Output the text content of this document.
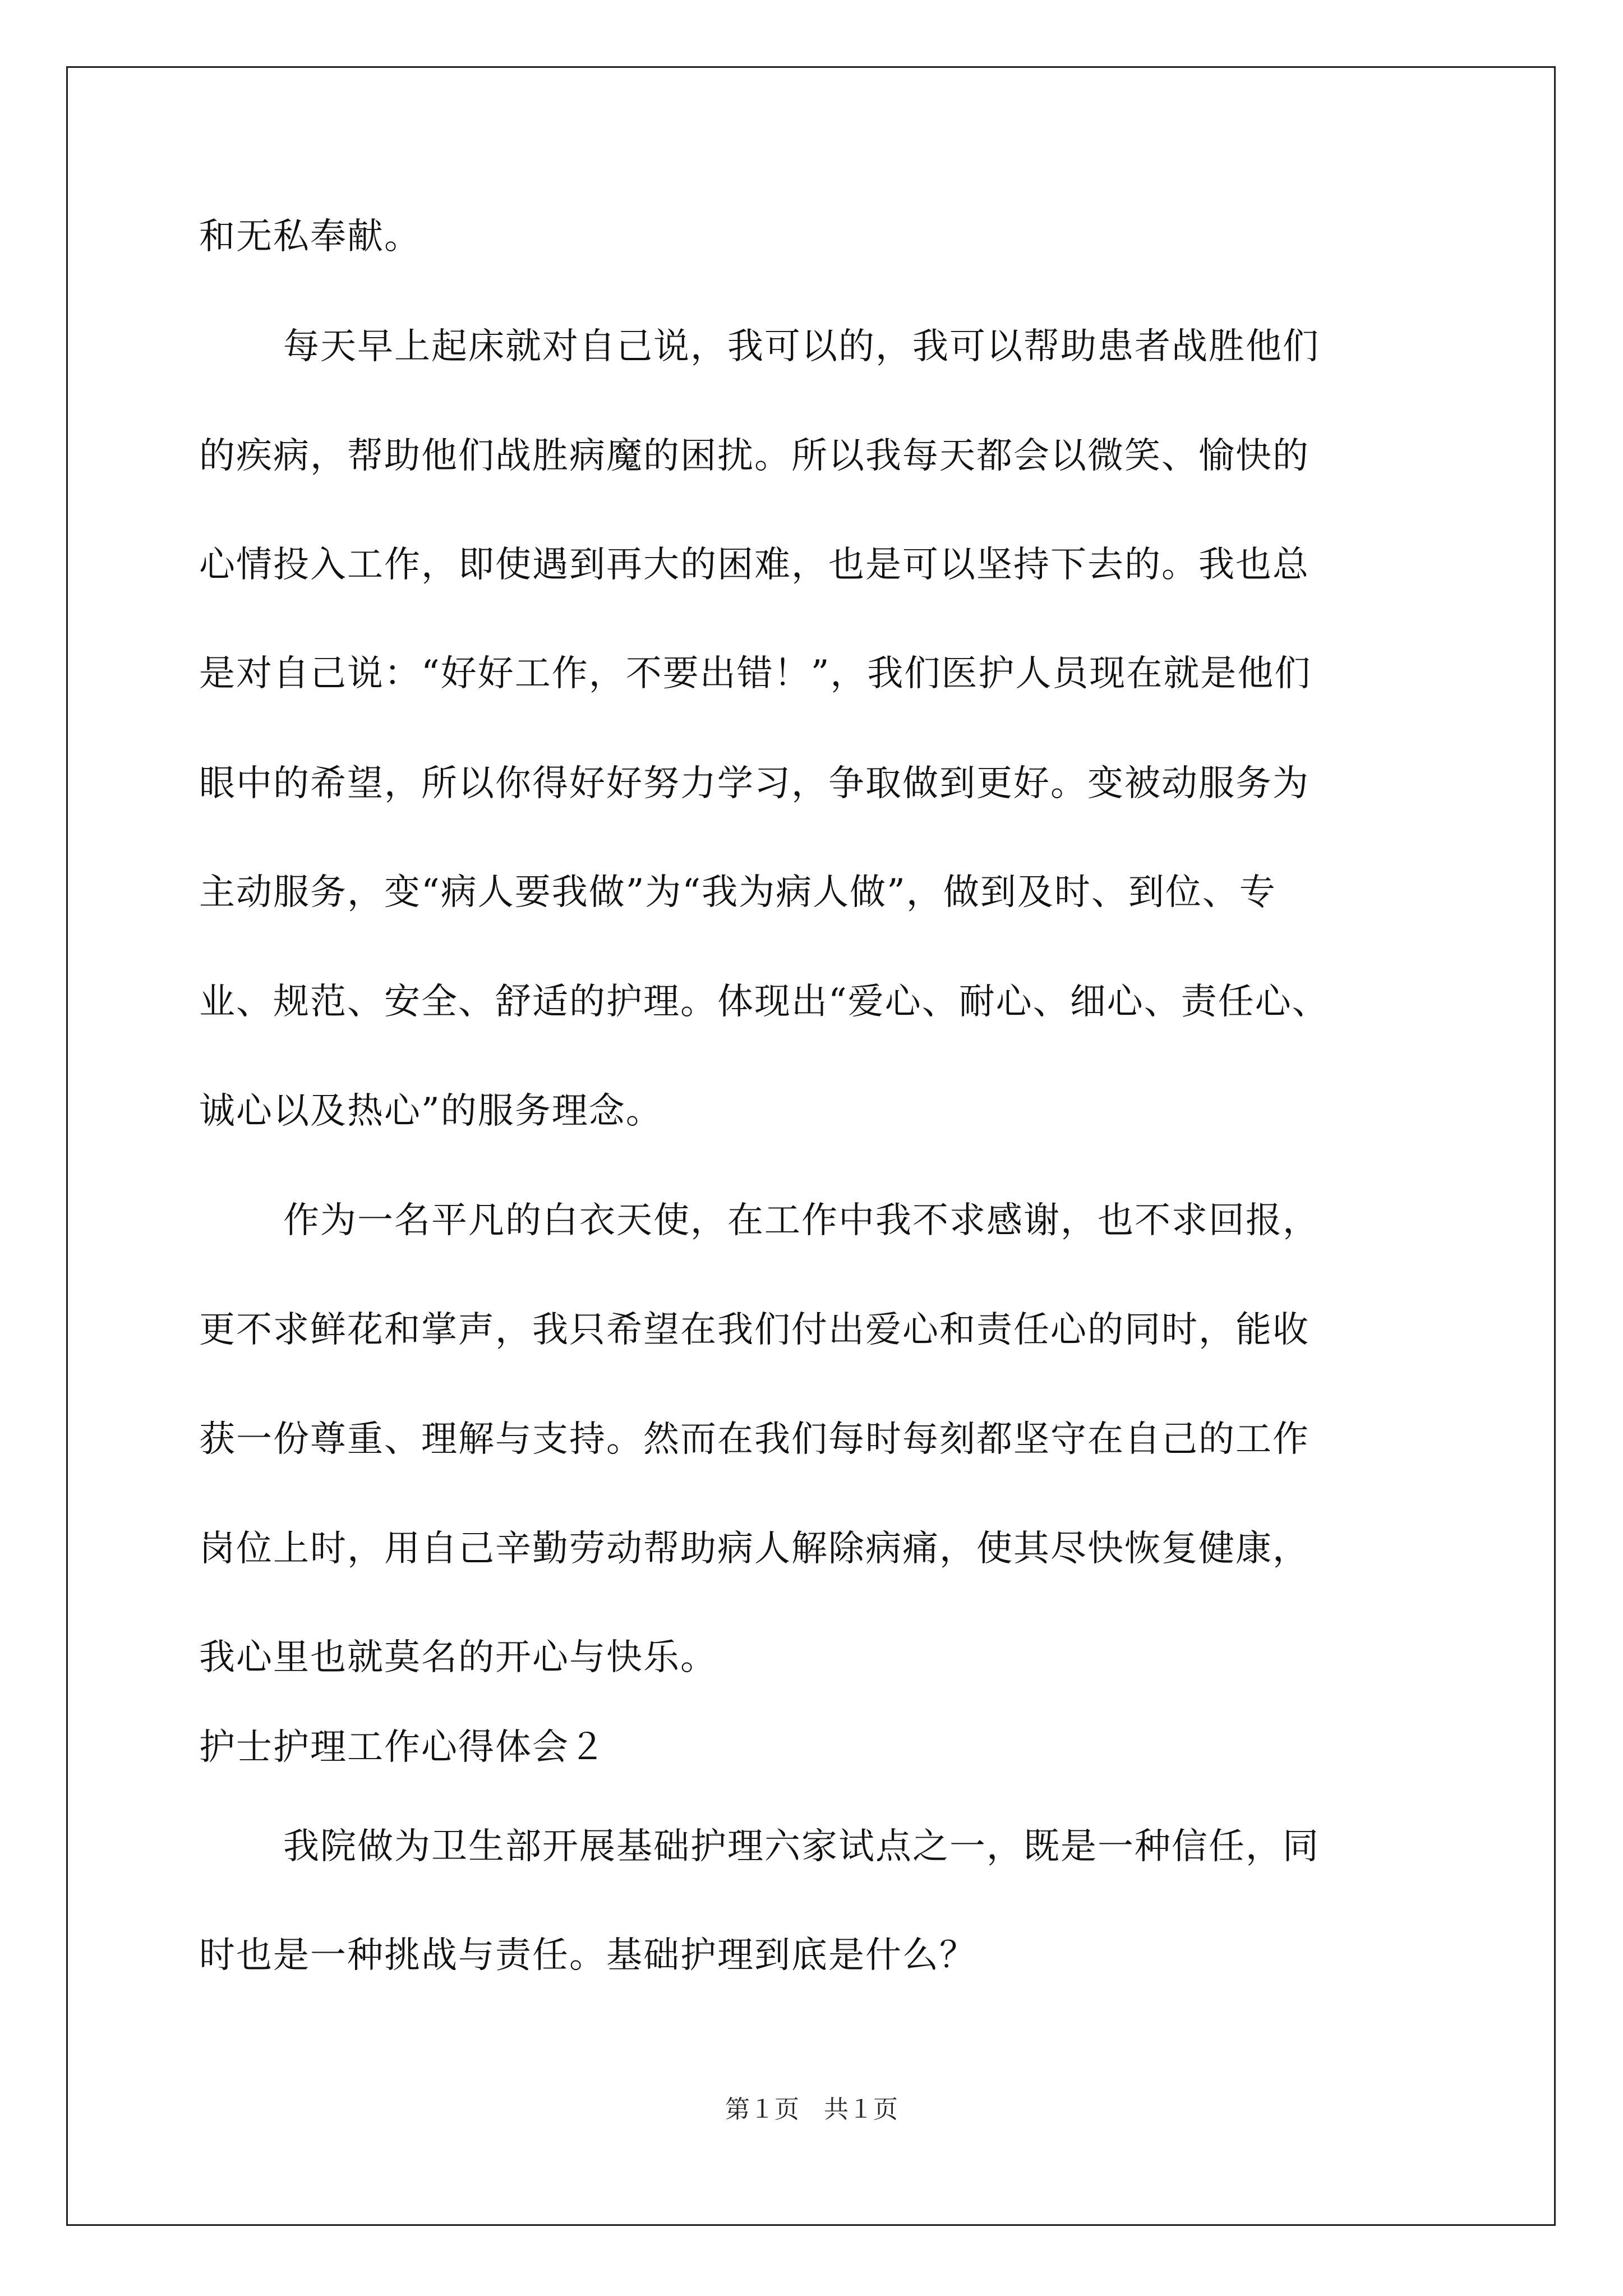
和无私奉献。
每天早上起床就对自己说，我可以的，我可以帮助患者战胜他们
的疾病，帮助他们战胜病魔的困扰。所以我每天都会以微笑、愉快的
心情投入工作，即使遇到再大的困难，也是可以坚持下去的。我也总
是对自己说：“好好工作，不要出错！”，我们医护人员现在就是他们
眼中的希望，所以你得好好努力学习，争取做到更好。变被动服务为
主动服务，变“病人要我做”为“我为病人做”，做到及时、到位、专
业、规范、安全、舒适的护理。体现出“爱心、耐心、细心、责任心、
诚心以及热心”的服务理念。
作为一名平凡的白衣天使，在工作中我不求感谢，也不求回报，
更不求鲜花和掌声，我只希望在我们付出爱心和责任心的同时，能收
获一份尊重、理解与支持。然而在我们每时每刻都坚守在自己的工作
岗位上时，用自己辛勤劳动帮助病人解除病痛，使其尽快恢复健康，
我心里也就莫名的开心与快乐。
护士护理工作心得体会２
我院做为卫生部开展基础护理六家试点之一，既是一种信任，同
时也是一种挑战与责任。基础护理到底是什么？
第１页　共１页
